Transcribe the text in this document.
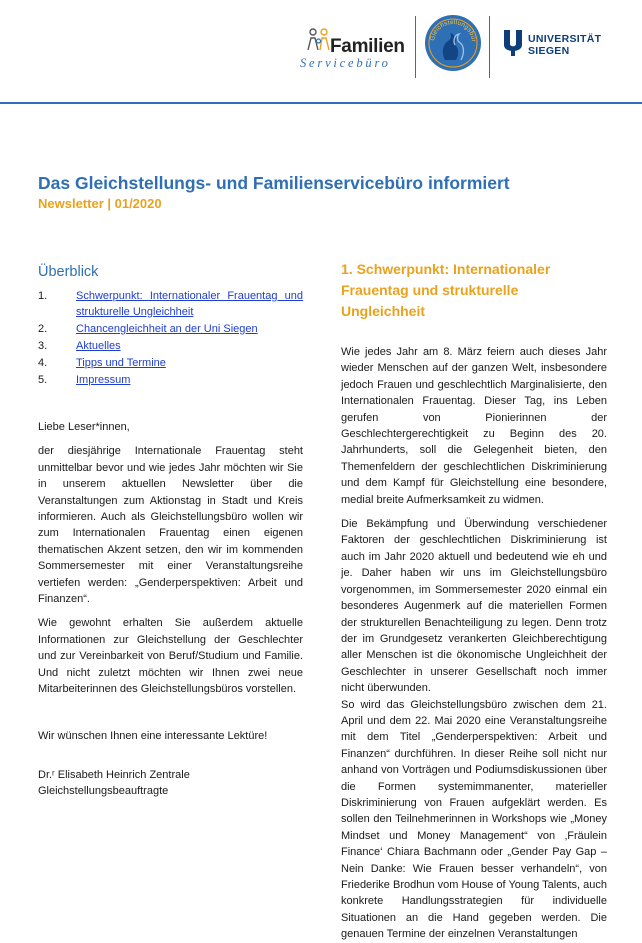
Familien
Servicebüro
Gleichstellungsbür	UNIVERSITÄT
SIEGEN
Das Gleichstellungs- und Familienservicebüro informiert
Newsletter | 01/2020
Überblick
1.	Schwerpunkt: Internationaler Frauentag und strukturelle Ungleichheit
2.	Chancengleichheit an der Uni Siegen
3.	Aktuelles
4.	Tipps und Termine
5.	Impressum

Liebe Leser*innen,

der diesjährige Internationale Frauentag steht unmittelbar bevor und wie jedes Jahr möchten wir Sie in unserem aktuellen Newsletter über die Veranstaltungen zum Aktionstag in Stadt und Kreis informieren. Auch als Gleichstellungsbüro wollen wir zum Internationalen Frauentag einen eigenen thematischen Akzent setzen, den wir im kommenden Sommersemester mit einer Veranstaltungsreihe vertiefen werden: „Genderperspektiven: Arbeit und Finanzen“.

Wie gewohnt erhalten Sie außerdem aktuelle Informationen zur Gleichstellung der Geschlechter und zur Vereinbarkeit von Beruf/Studium und Familie. Und nicht zuletzt möchten wir Ihnen zwei neue Mitarbeiterinnen des Gleichstellungsbüros vorstellen.

Wir wünschen Ihnen eine interessante Lektüre!

Dr.ʳ Elisabeth Heinrich Zentrale Gleichstellungsbeauftragte

1. Schwerpunkt: Internationaler Frauentag und strukturelle Ungleichheit

Wie jedes Jahr am 8. März feiern auch dieses Jahr wieder Menschen auf der ganzen Welt, insbesondere jedoch Frauen und geschlechtlich Marginalisierte, den Internationalen Frauentag. Dieser Tag, ins Leben gerufen von Pionierinnen der Geschlechtergerechtigkeit zu Beginn des 20. Jahrhunderts, soll die Gelegenheit bieten, den Themenfeldern der geschlechtlichen Diskriminierung und dem Kampf für Gleichstellung eine besondere, medial breite Aufmerksamkeit zu widmen.

Die Bekämpfung und Überwindung verschiedener Faktoren der geschlechtlichen Diskriminierung ist auch im Jahr 2020 aktuell und bedeutend wie eh und je. Daher haben wir uns im Gleichstellungsbüro vorgenommen, im Sommersemester 2020 einmal ein besonderes Augenmerk auf die materiellen Formen der strukturellen Benachteiligung zu legen. Denn trotz der im Grundgesetz verankerten Gleichberechtigung aller Menschen ist die ökonomische Ungleichheit der Geschlechter in unserer Gesellschaft noch immer nicht überwunden.

So wird das Gleichstellungsbüro zwischen dem 21. April und dem 22. Mai 2020 eine Veranstaltungsreihe mit dem Titel „Genderperspektiven: Arbeit und Finanzen“ durchführen. In dieser Reihe soll nicht nur anhand von Vorträgen und Podiumsdiskussionen über die Formen systemimmanenter, materieller Diskriminierung von Frauen aufgeklärt werden. Es sollen den Teilnehmerinnen in Workshops wie „Money Mindset und Money Management“ von ‚Fräulein Finance‘ Chiara Bachmann oder „Gender Pay Gap – Nein Danke: Wie Frauen besser verhandeln“, von Friederike Brodhun vom House of Young Talents, auch konkrete Handlungsstrategien für individuelle Situationen an die Hand gegeben werden. Die genauen Termine der einzelnen Veranstaltungen
